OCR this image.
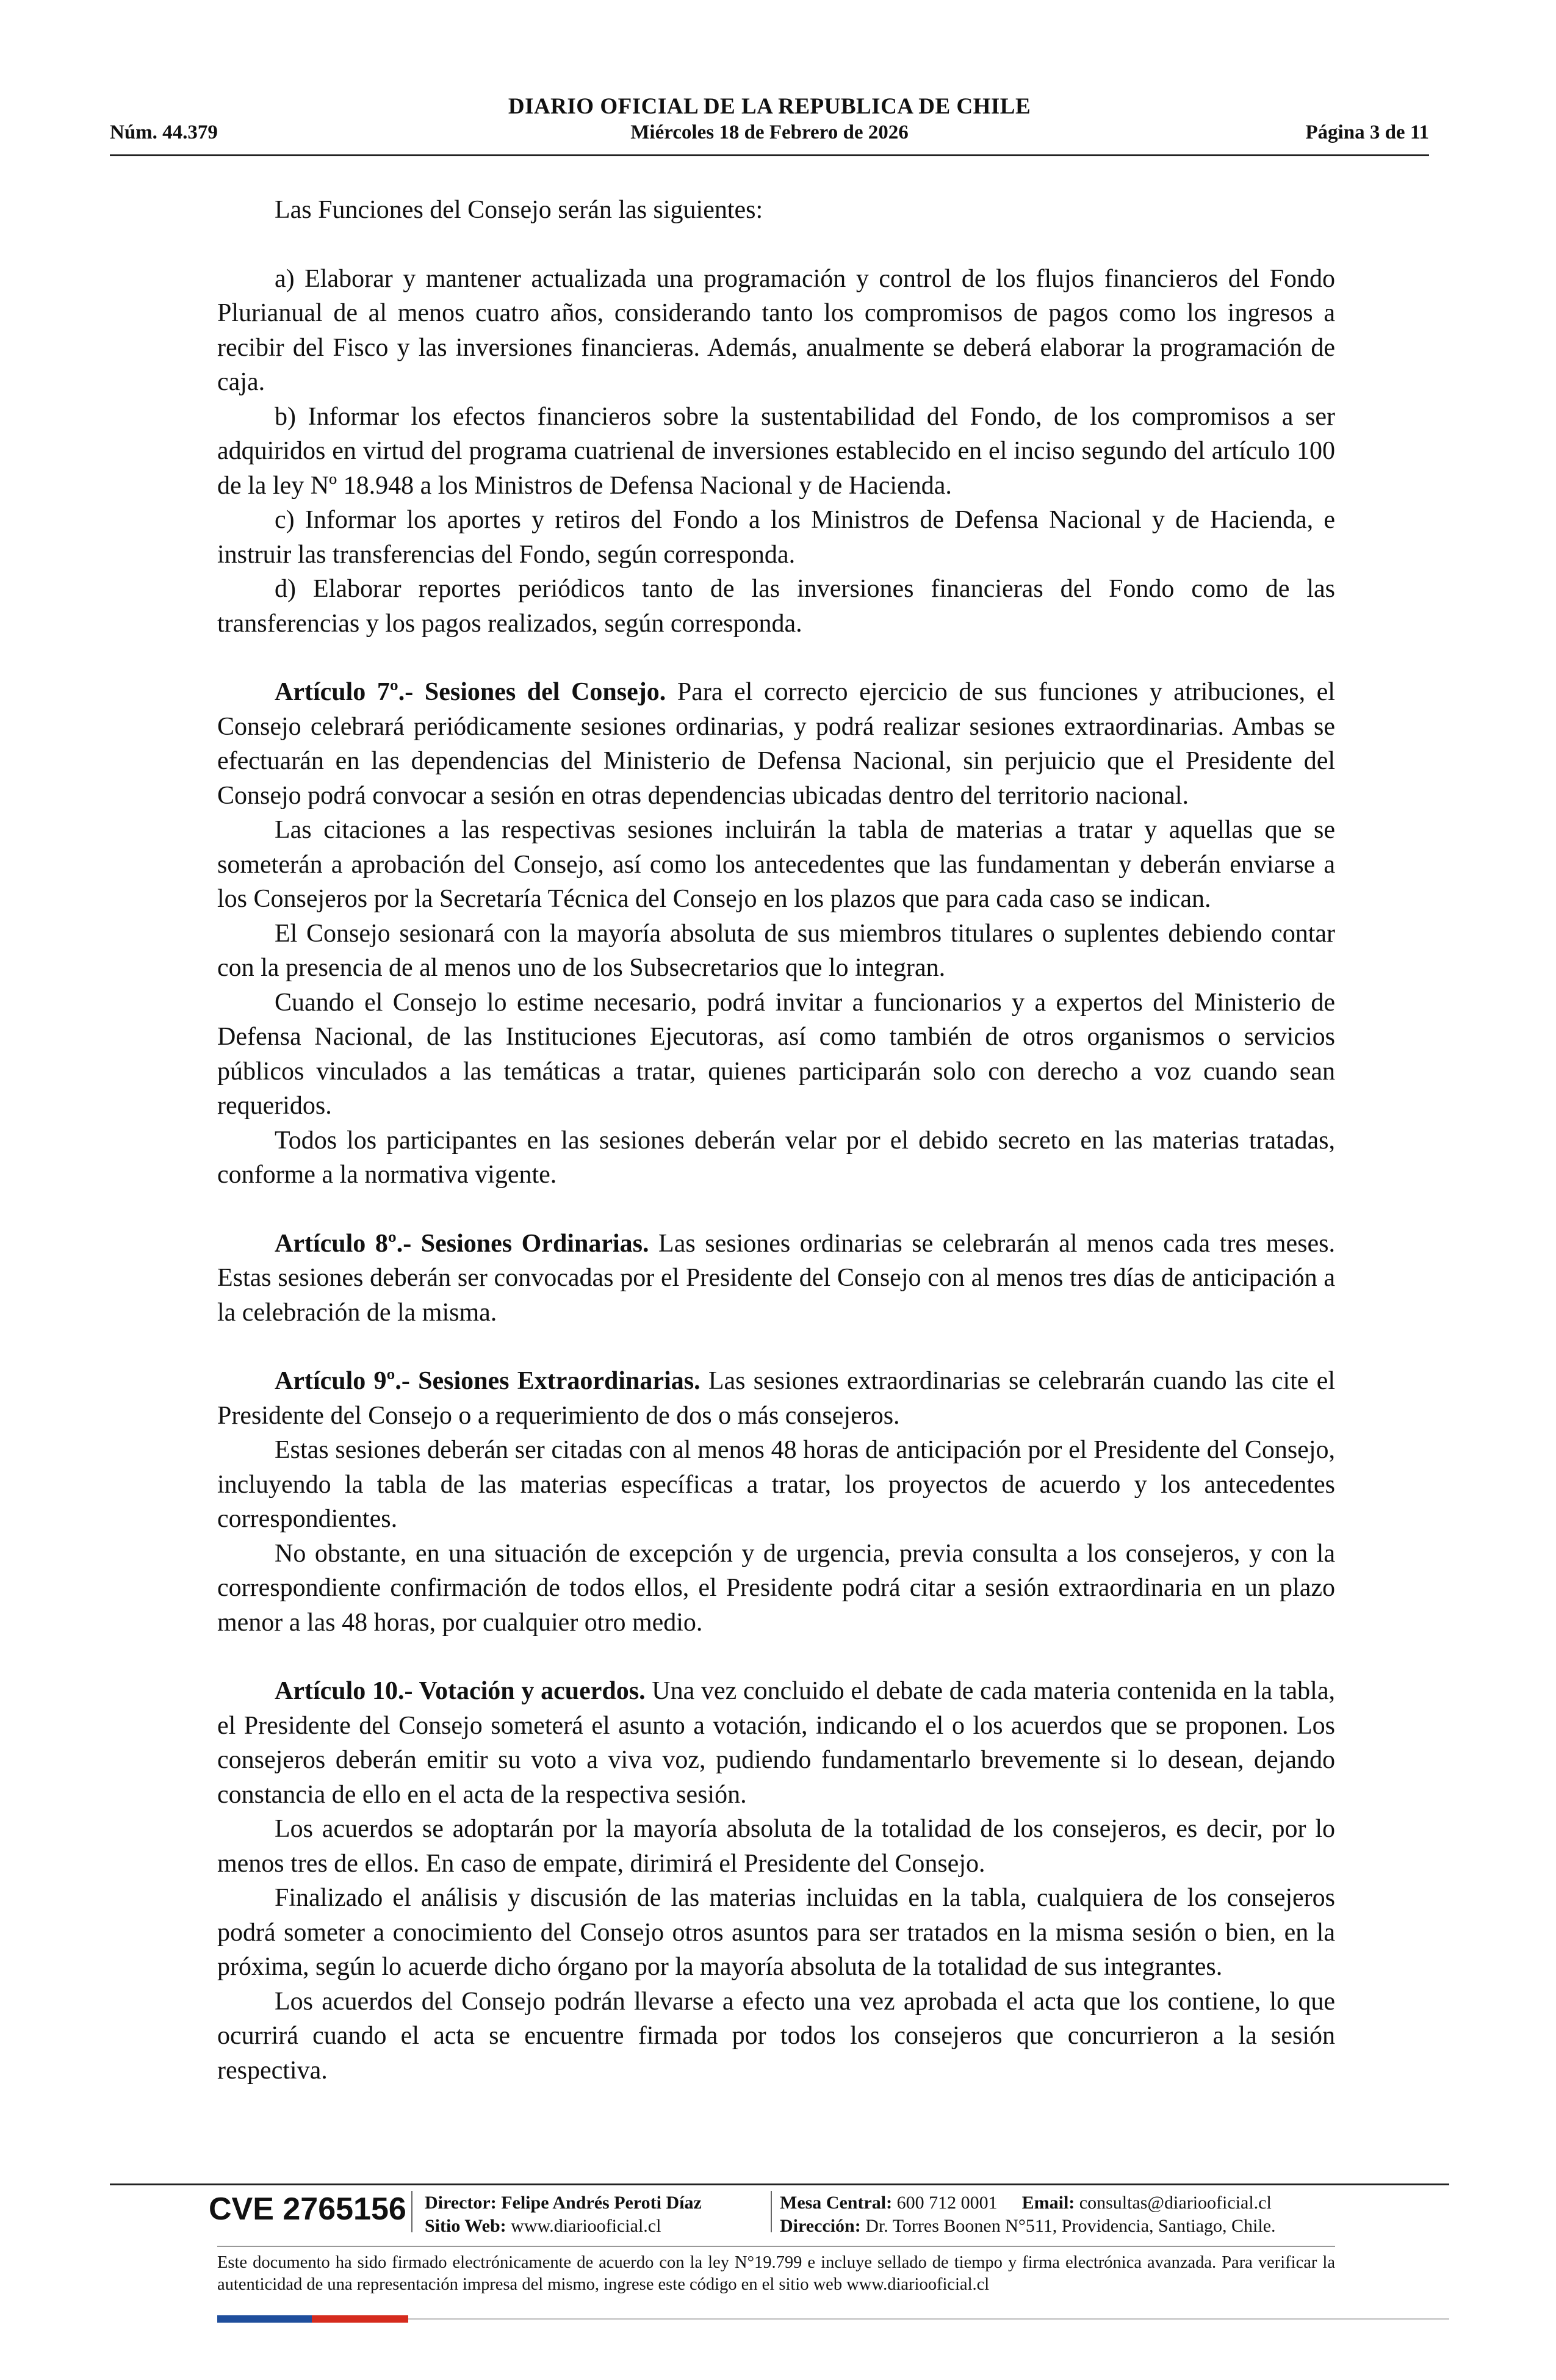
DIARIO OFICIAL DE LA REPUBLICA DE CHILE
Núm. 44.379	Miércoles 18 de Febrero de 2026	Página 3 de 11

Las Funciones del Consejo serán las siguientes:

a) Elaborar y mantener actualizada una programación y control de los flujos financieros del Fondo Plurianual de al menos cuatro años, considerando tanto los compromisos de pagos como los ingresos a recibir del Fisco y las inversiones financieras. Además, anualmente se deberá elaborar la programación de caja.

b) Informar los efectos financieros sobre la sustentabilidad del Fondo, de los compromisos a ser adquiridos en virtud del programa cuatrienal de inversiones establecido en el inciso segundo del artículo 100 de la ley Nº 18.948 a los Ministros de Defensa Nacional y de Hacienda.

c) Informar los aportes y retiros del Fondo a los Ministros de Defensa Nacional y de Hacienda, e instruir las transferencias del Fondo, según corresponda.

d) Elaborar reportes periódicos tanto de las inversiones financieras del Fondo como de las transferencias y los pagos realizados, según corresponda.

Artículo 7º.- Sesiones del Consejo. Para el correcto ejercicio de sus funciones y atribuciones, el Consejo celebrará periódicamente sesiones ordinarias, y podrá realizar sesiones extraordinarias. Ambas se efectuarán en las dependencias del Ministerio de Defensa Nacional, sin perjuicio que el Presidente del Consejo podrá convocar a sesión en otras dependencias ubicadas dentro del territorio nacional.

Las citaciones a las respectivas sesiones incluirán la tabla de materias a tratar y aquellas que se someterán a aprobación del Consejo, así como los antecedentes que las fundamentan y deberán enviarse a los Consejeros por la Secretaría Técnica del Consejo en los plazos que para cada caso se indican.

El Consejo sesionará con la mayoría absoluta de sus miembros titulares o suplentes debiendo contar con la presencia de al menos uno de los Subsecretarios que lo integran.

Cuando el Consejo lo estime necesario, podrá invitar a funcionarios y a expertos del Ministerio de Defensa Nacional, de las Instituciones Ejecutoras, así como también de otros organismos o servicios públicos vinculados a las temáticas a tratar, quienes participarán solo con derecho a voz cuando sean requeridos.

Todos los participantes en las sesiones deberán velar por el debido secreto en las materias tratadas, conforme a la normativa vigente.

Artículo 8º.- Sesiones Ordinarias. Las sesiones ordinarias se celebrarán al menos cada tres meses. Estas sesiones deberán ser convocadas por el Presidente del Consejo con al menos tres días de anticipación a la celebración de la misma.

Artículo 9º.- Sesiones Extraordinarias. Las sesiones extraordinarias se celebrarán cuando las cite el Presidente del Consejo o a requerimiento de dos o más consejeros.

Estas sesiones deberán ser citadas con al menos 48 horas de anticipación por el Presidente del Consejo, incluyendo la tabla de las materias específicas a tratar, los proyectos de acuerdo y los antecedentes correspondientes.

No obstante, en una situación de excepción y de urgencia, previa consulta a los consejeros, y con la correspondiente confirmación de todos ellos, el Presidente podrá citar a sesión extraordinaria en un plazo menor a las 48 horas, por cualquier otro medio.

Artículo 10.- Votación y acuerdos. Una vez concluido el debate de cada materia contenida en la tabla, el Presidente del Consejo someterá el asunto a votación, indicando el o los acuerdos que se proponen. Los consejeros deberán emitir su voto a viva voz, pudiendo fundamentarlo brevemente si lo desean, dejando constancia de ello en el acta de la respectiva sesión.

Los acuerdos se adoptarán por la mayoría absoluta de la totalidad de los consejeros, es decir, por lo menos tres de ellos. En caso de empate, dirimirá el Presidente del Consejo.

Finalizado el análisis y discusión de las materias incluidas en la tabla, cualquiera de los consejeros podrá someter a conocimiento del Consejo otros asuntos para ser tratados en la misma sesión o bien, en la próxima, según lo acuerde dicho órgano por la mayoría absoluta de la totalidad de sus integrantes.

Los acuerdos del Consejo podrán llevarse a efecto una vez aprobada el acta que los contiene, lo que ocurrirá cuando el acta se encuentre firmada por todos los consejeros que concurrieron a la sesión respectiva.

CVE 2765156 Director: Felipe Andrés Peroti Díaz
Sitio Web: www.diariooficial.cl
Mesa Central: 600 712 0001 Email: consultas@diariooficial.cl
Dirección: Dr. Torres Boonen N°511, Providencia, Santiago, Chile.
Este documento ha sido firmado electrónicamente de acuerdo con la ley N°19.799 e incluye sellado de tiempo y firma electrónica avanzada. Para verificar la autenticidad de una representación impresa del mismo, ingrese este código en el sitio web www.diariooficial.cl
